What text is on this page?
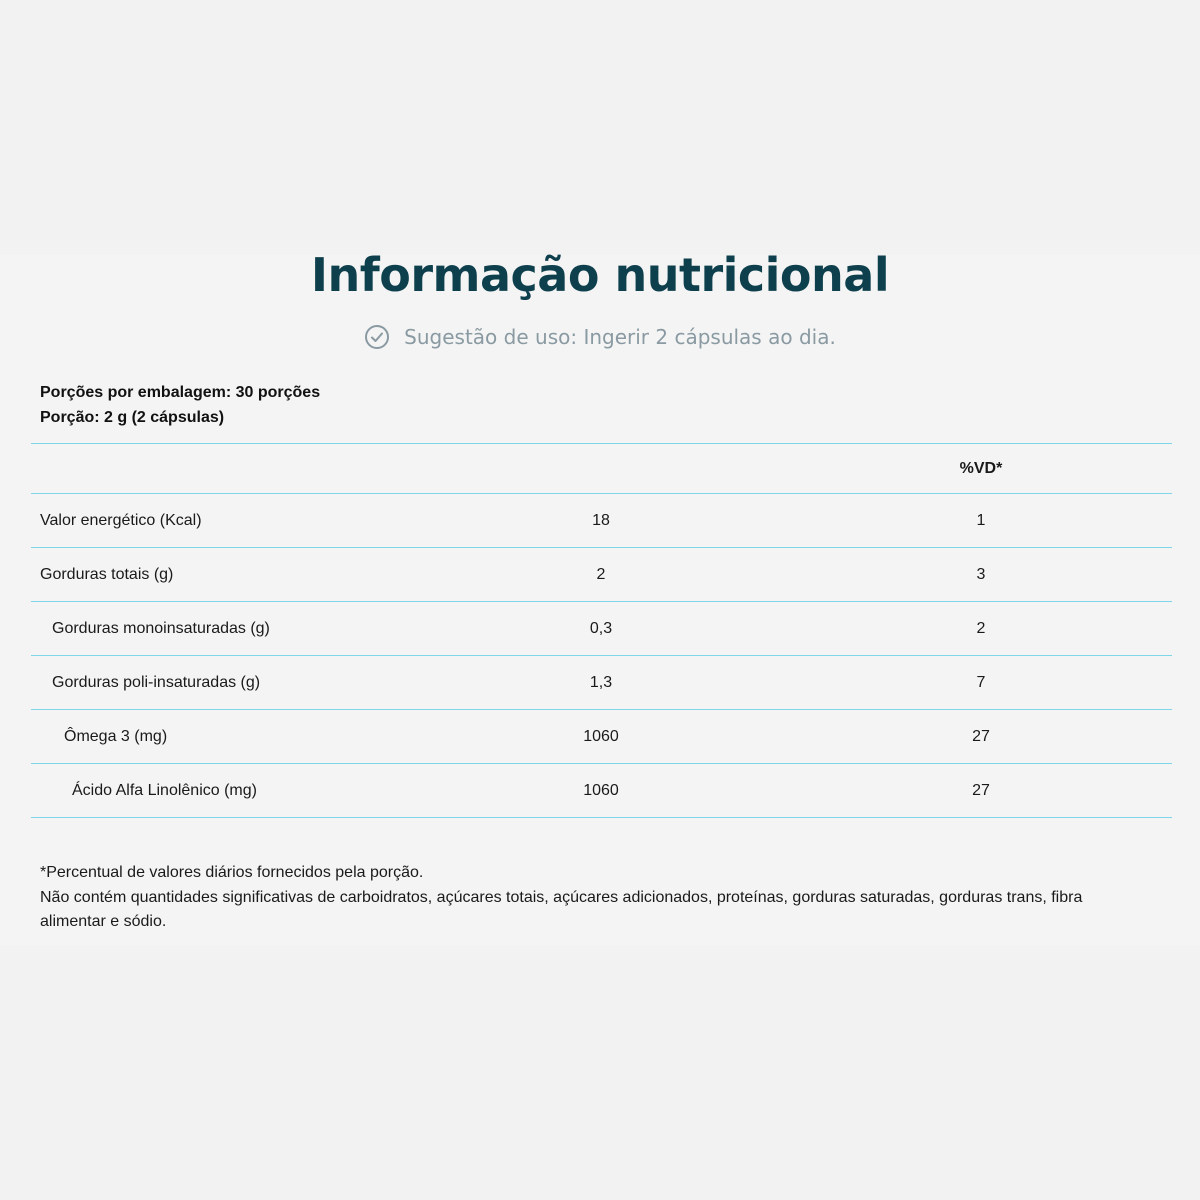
Informação nutricional
Sugestão de uso: Ingerir 2 cápsulas ao dia.
Porções por embalagem: 30 porções
Porção: 2 g (2 cápsulas)
%VD*
Valor energético (Kcal)	18	1
Gorduras totais (g)	2	3
Gorduras monoinsaturadas (g)	0,3	2
Gorduras poli-insaturadas (g)	1,3	7
Ômega 3 (mg)	1060	27
Ácido Alfa Linolênico (mg)	1060	27

*Percentual de valores diários fornecidos pela porção.

Não contém quantidades significativas de carboidratos, açúcares totais, açúcares adicionados, proteínas, gorduras saturadas, gorduras trans, fibra alimentar e sódio.
